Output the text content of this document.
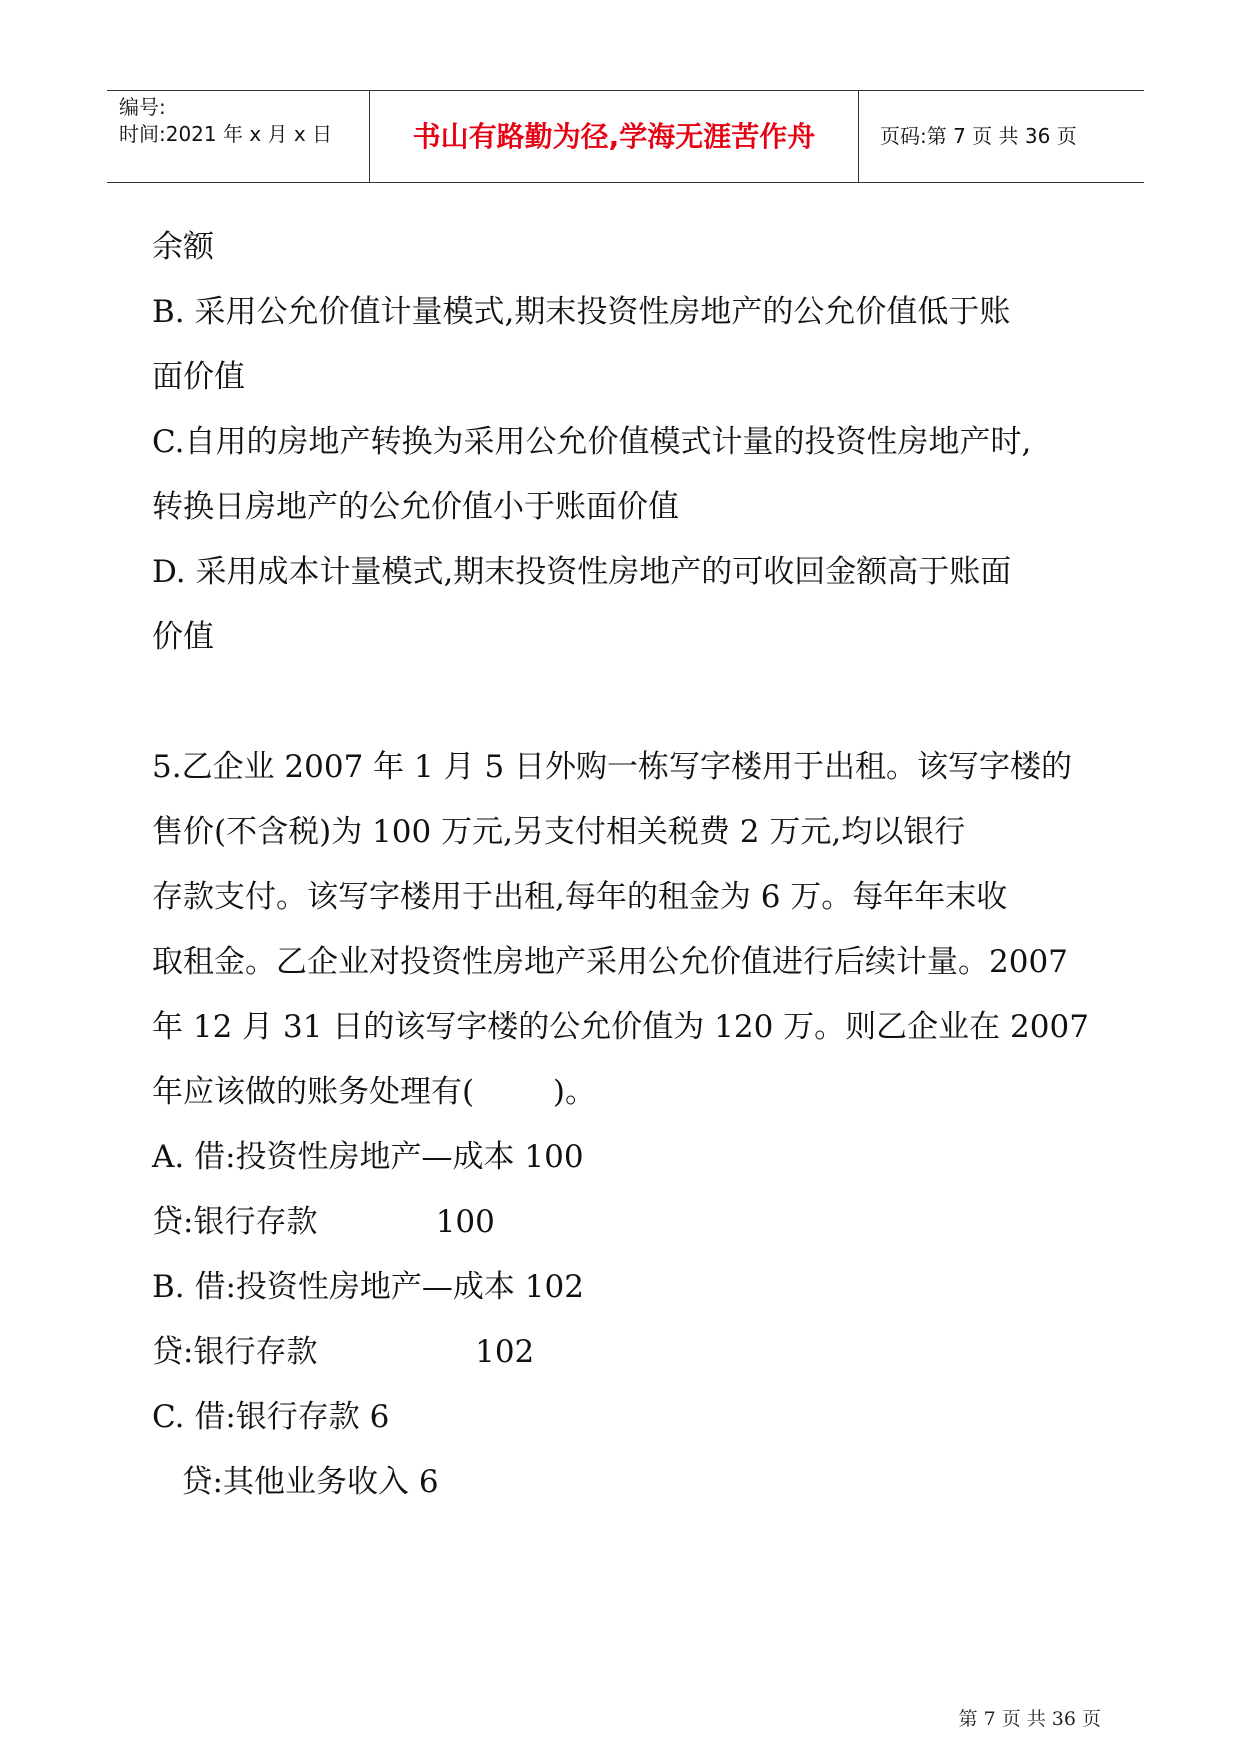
编号:
时间:2021 年 x 月 x 日	书山有路勤为径,学海无涯苦作舟	页码:第 7 页 共 36 页
余额
B. 采用公允价值计量模式,期末投资性房地产的公允价值低于账
面价值
C.自用的房地产转换为采用公允价值模式计量的投资性房地产时,
转换日房地产的公允价值小于账面价值
D. 采用成本计量模式,期末投资性房地产的可收回金额高于账面
价值
5.乙企业 2007 年 1 月 5 日外购一栋写字楼用于出租。该写字楼的
售价(不含税)为 100 万元,另支付相关税费 2 万元,均以银行
存款支付。该写字楼用于出租,每年的租金为 6 万。每年年末收
取租金。乙企业对投资性房地产采用公允价值进行后续计量。2007
年 12 月 31 日的该写字楼的公允价值为 120 万。则乙企业在 2007
年应该做的账务处理有(        )。
A. 借:投资性房地产—成本 100
贷:银行存款            100
B. 借:投资性房地产—成本 102
贷:银行存款                102
C. 借:银行存款 6
贷:其他业务收入 6
第 7 页 共 36 页
